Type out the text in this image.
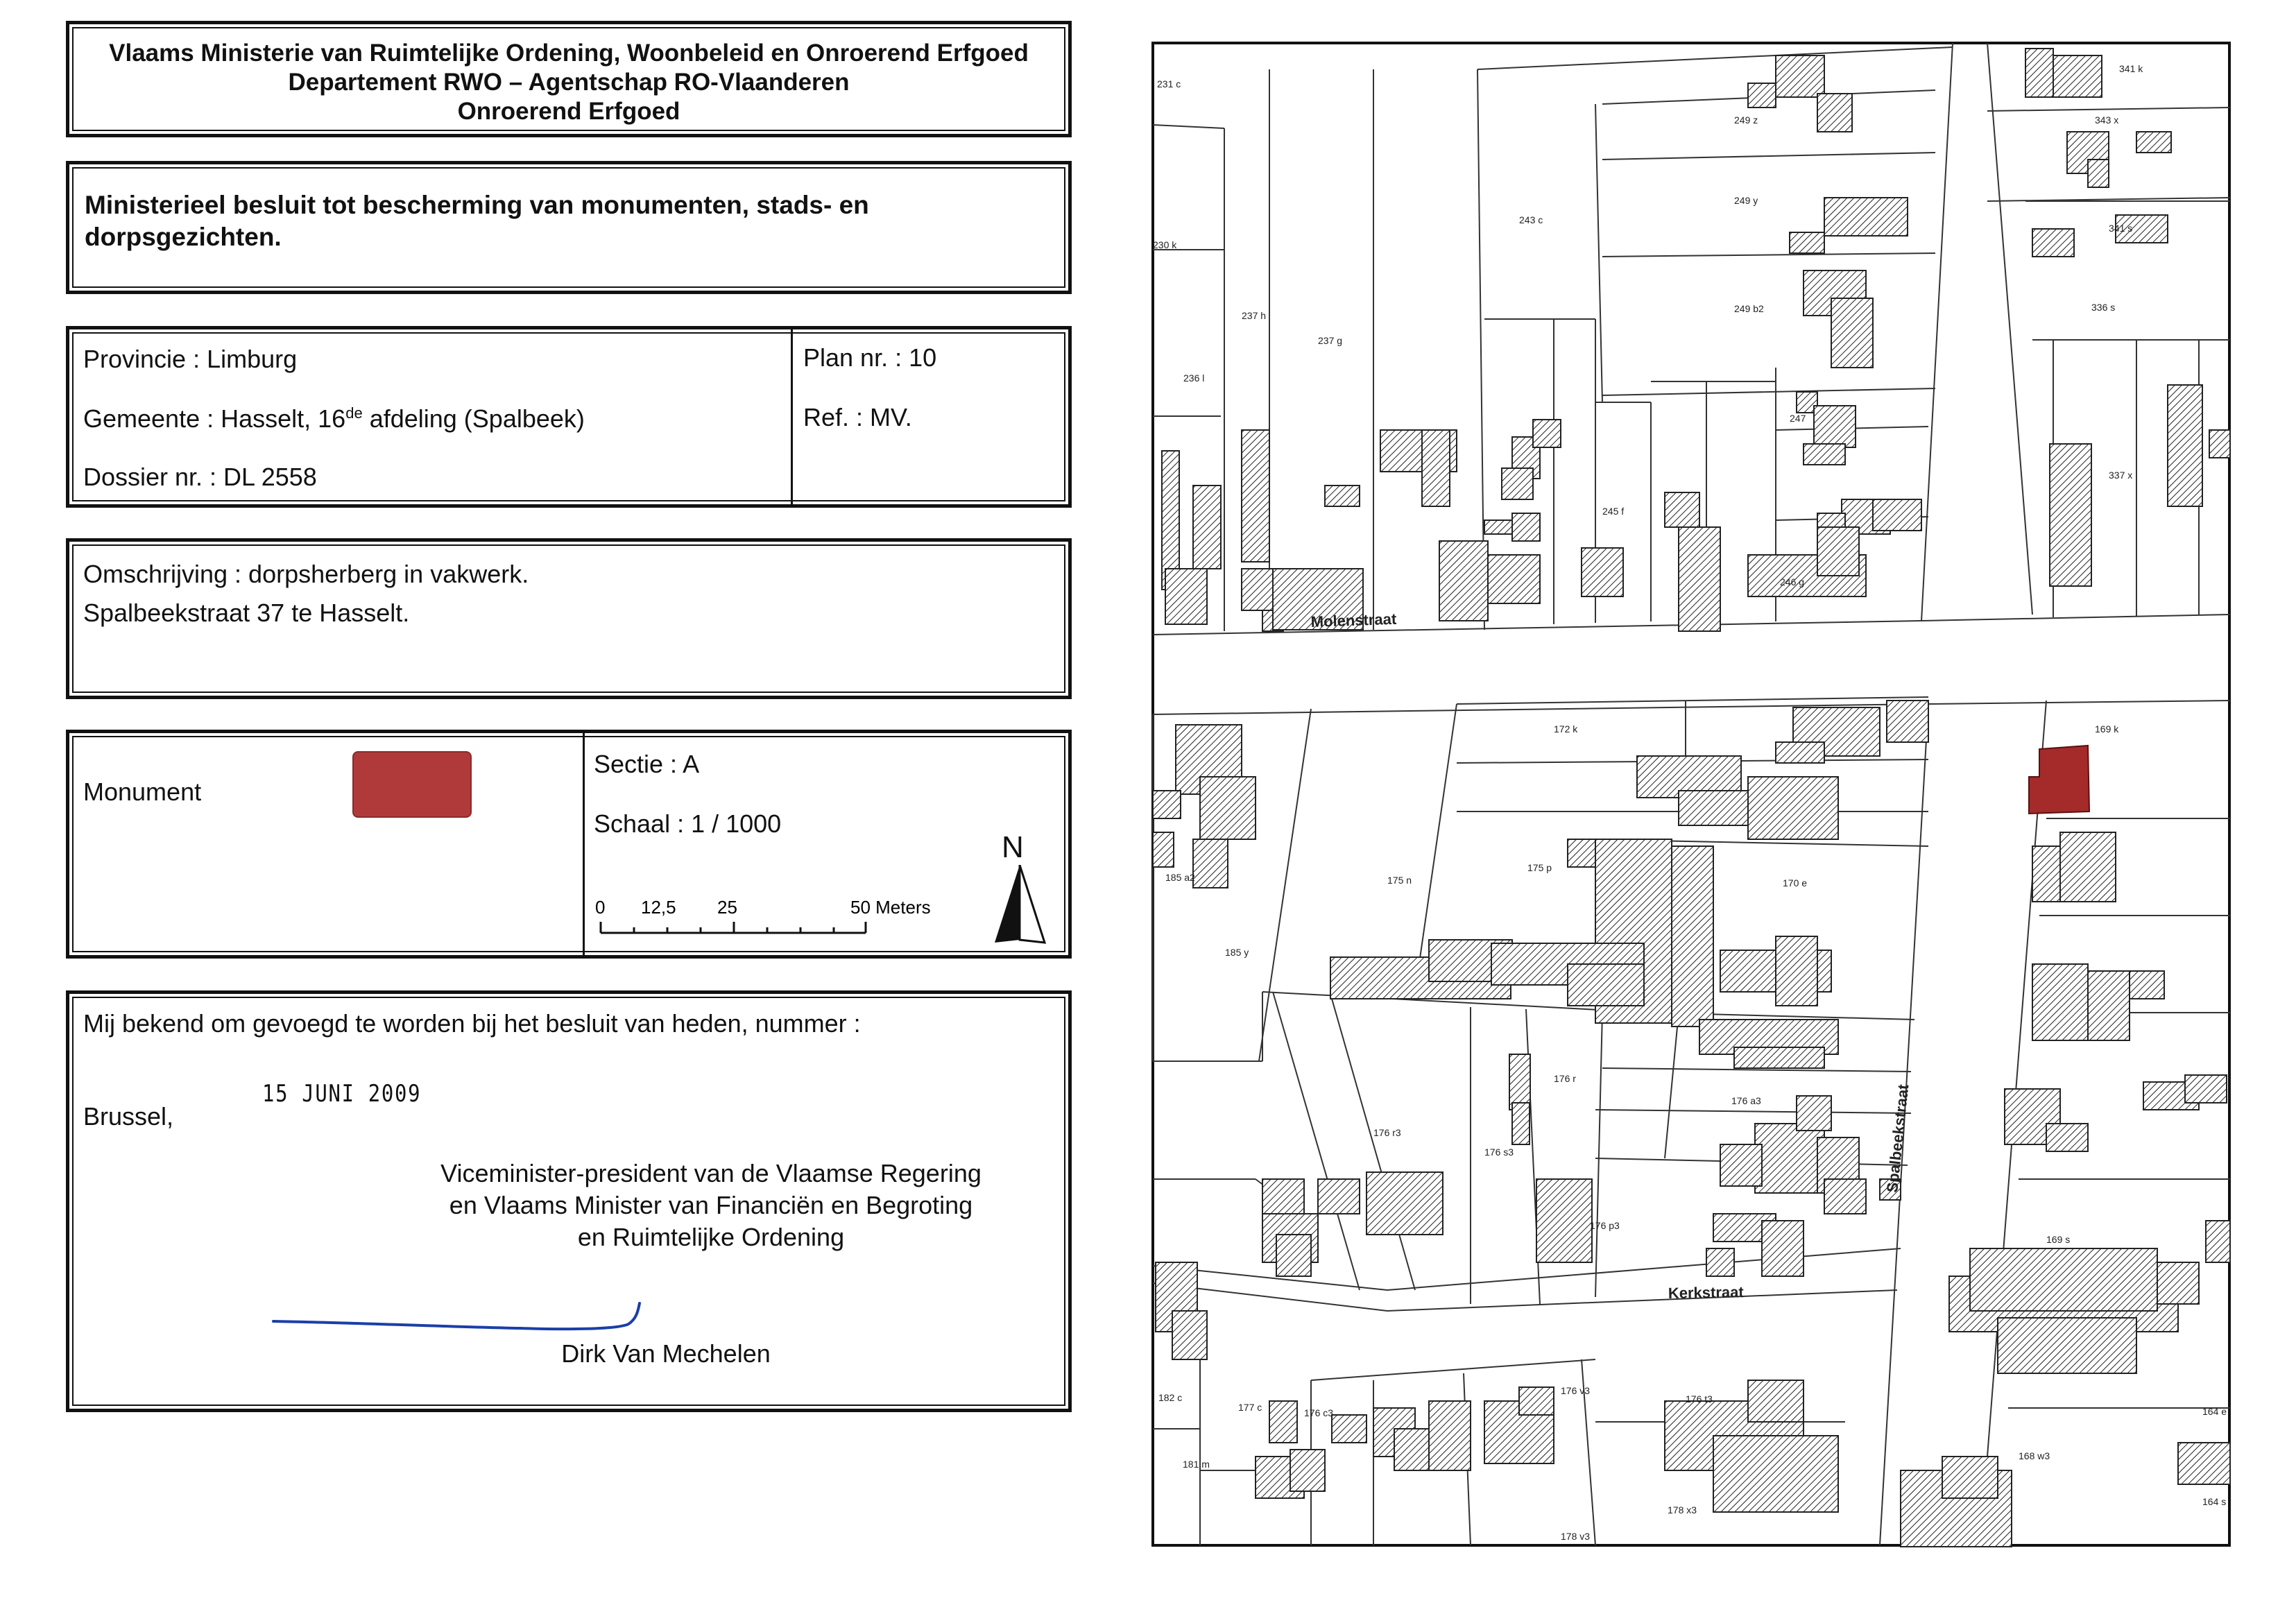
Vlaams Ministerie van Ruimtelijke Ordening, Woonbeleid en Onroerend Erfgoed
Departement RWO – Agentschap RO-Vlaanderen
Onroerend Erfgoed
Ministerieel besluit tot bescherming van monumenten, stads- en
dorpsgezichten.
Provincie : Limburg
Gemeente : Hasselt, 16de afdeling (Spalbeek)
Dossier nr. : DL 2558
Plan nr. : 10
Ref. : MV.
Omschrijving : dorpsherberg in vakwerk.
Spalbeekstraat 37 te Hasselt.
Monument
Sectie : A
Schaal : 1 / 1000
0 12,5 25	50 Meters
N
Mij bekend om gevoegd te worden bij het besluit van heden, nummer :
Brussel,
15 JUNI 2009
Viceminister-president van de Vlaamse Regering
en Vlaams Minister van Financiën en Begroting
en Ruimtelijke Ordening
Dirk Van Mechelen
231 c
249 z
249 y
243 c
249 b2
230 k
237 h
237 g
236 l
247
245 f
246 g
343 x
341 k
341 s
336 s
337 x
172 k	169 k
185 a2	175 n
175 p
170 e
185 y
176 r
176 a3
176 r3
176 s3
176 p3
169 s
168 w3
182 c
177 c	176 c3
176 v3
176 t3
181 m
178 x3
178 v3
164 e
164 s
Molenstraat
Spalbeekstraat
Kerkstraat
